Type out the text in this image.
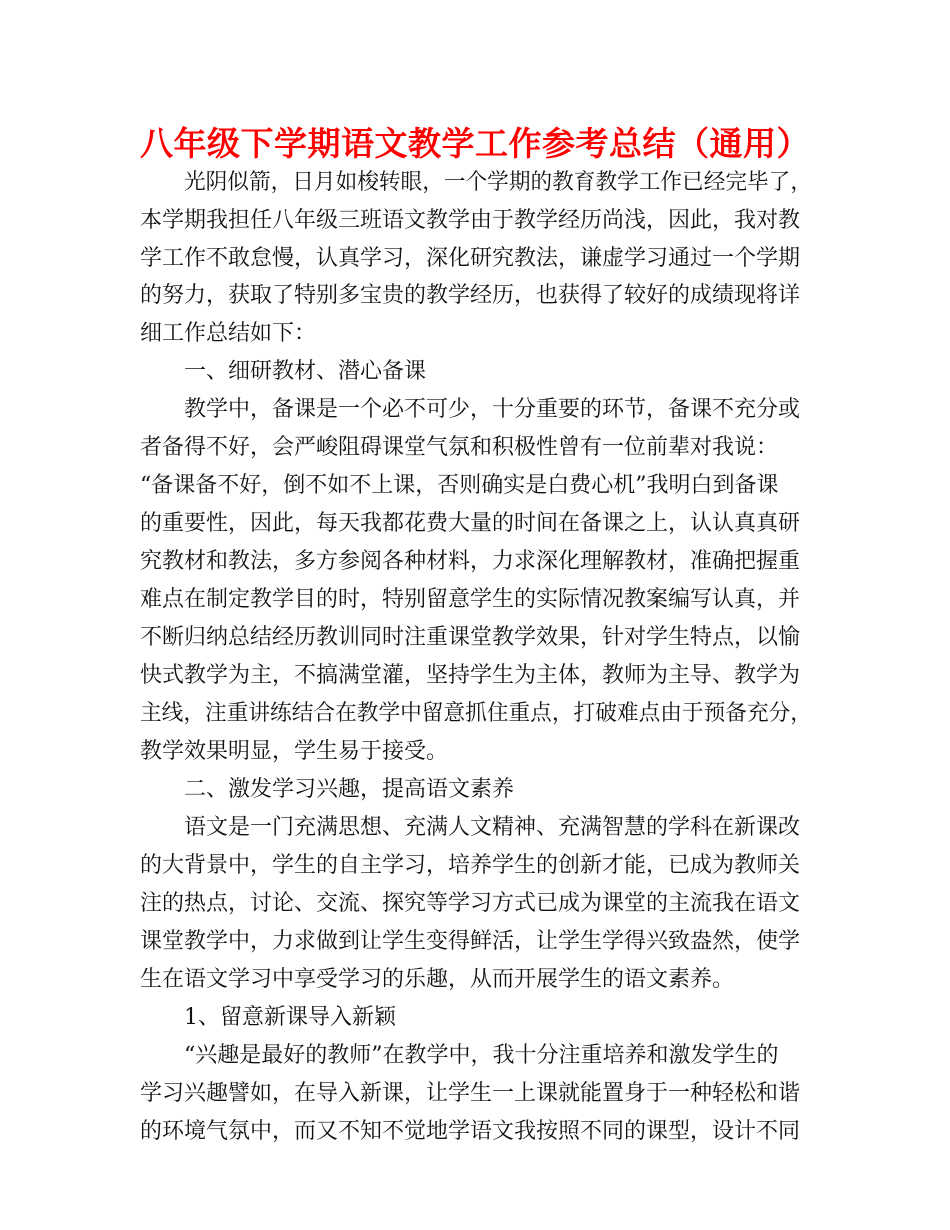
八年级下学期语文教学工作参考总结（通用）
光阴似箭，日月如梭转眼，一个学期的教育教学工作已经完毕了，
本学期我担任八年级三班语文教学由于教学经历尚浅，因此，我对教
学工作不敢怠慢，认真学习，深化研究教法，谦虚学习通过一个学期
的努力，获取了特别多宝贵的教学经历，也获得了较好的成绩现将详
细工作总结如下：
一、细研教材、潜心备课
教学中，备课是一个必不可少，十分重要的环节，备课不充分或
者备得不好，会严峻阻碍课堂气氛和积极性曾有一位前辈对我说：
“备课备不好，倒不如不上课，否则确实是白费心机”我明白到备课
的重要性，因此，每天我都花费大量的时间在备课之上，认认真真研
究教材和教法，多方参阅各种材料，力求深化理解教材，准确把握重
难点在制定教学目的时，特别留意学生的实际情况教案编写认真，并
不断归纳总结经历教训同时注重课堂教学效果，针对学生特点，以愉
快式教学为主，不搞满堂灌，坚持学生为主体，教师为主导、教学为
主线，注重讲练结合在教学中留意抓住重点，打破难点由于预备充分，
教学效果明显，学生易于接受。
二、激发学习兴趣，提高语文素养
语文是一门充满思想、充满人文精神、充满智慧的学科在新课改
的大背景中，学生的自主学习，培养学生的创新才能，已成为教师关
注的热点，讨论、交流、探究等学习方式已成为课堂的主流我在语文
课堂教学中，力求做到让学生变得鲜活，让学生学得兴致盎然，使学
生在语文学习中享受学习的乐趣，从而开展学生的语文素养。
1、留意新课导入新颖
“兴趣是最好的教师”在教学中，我十分注重培养和激发学生的
学习兴趣譬如，在导入新课，让学生一上课就能置身于一种轻松和谐
的环境气氛中，而又不知不觉地学语文我按照不同的课型，设计不同
